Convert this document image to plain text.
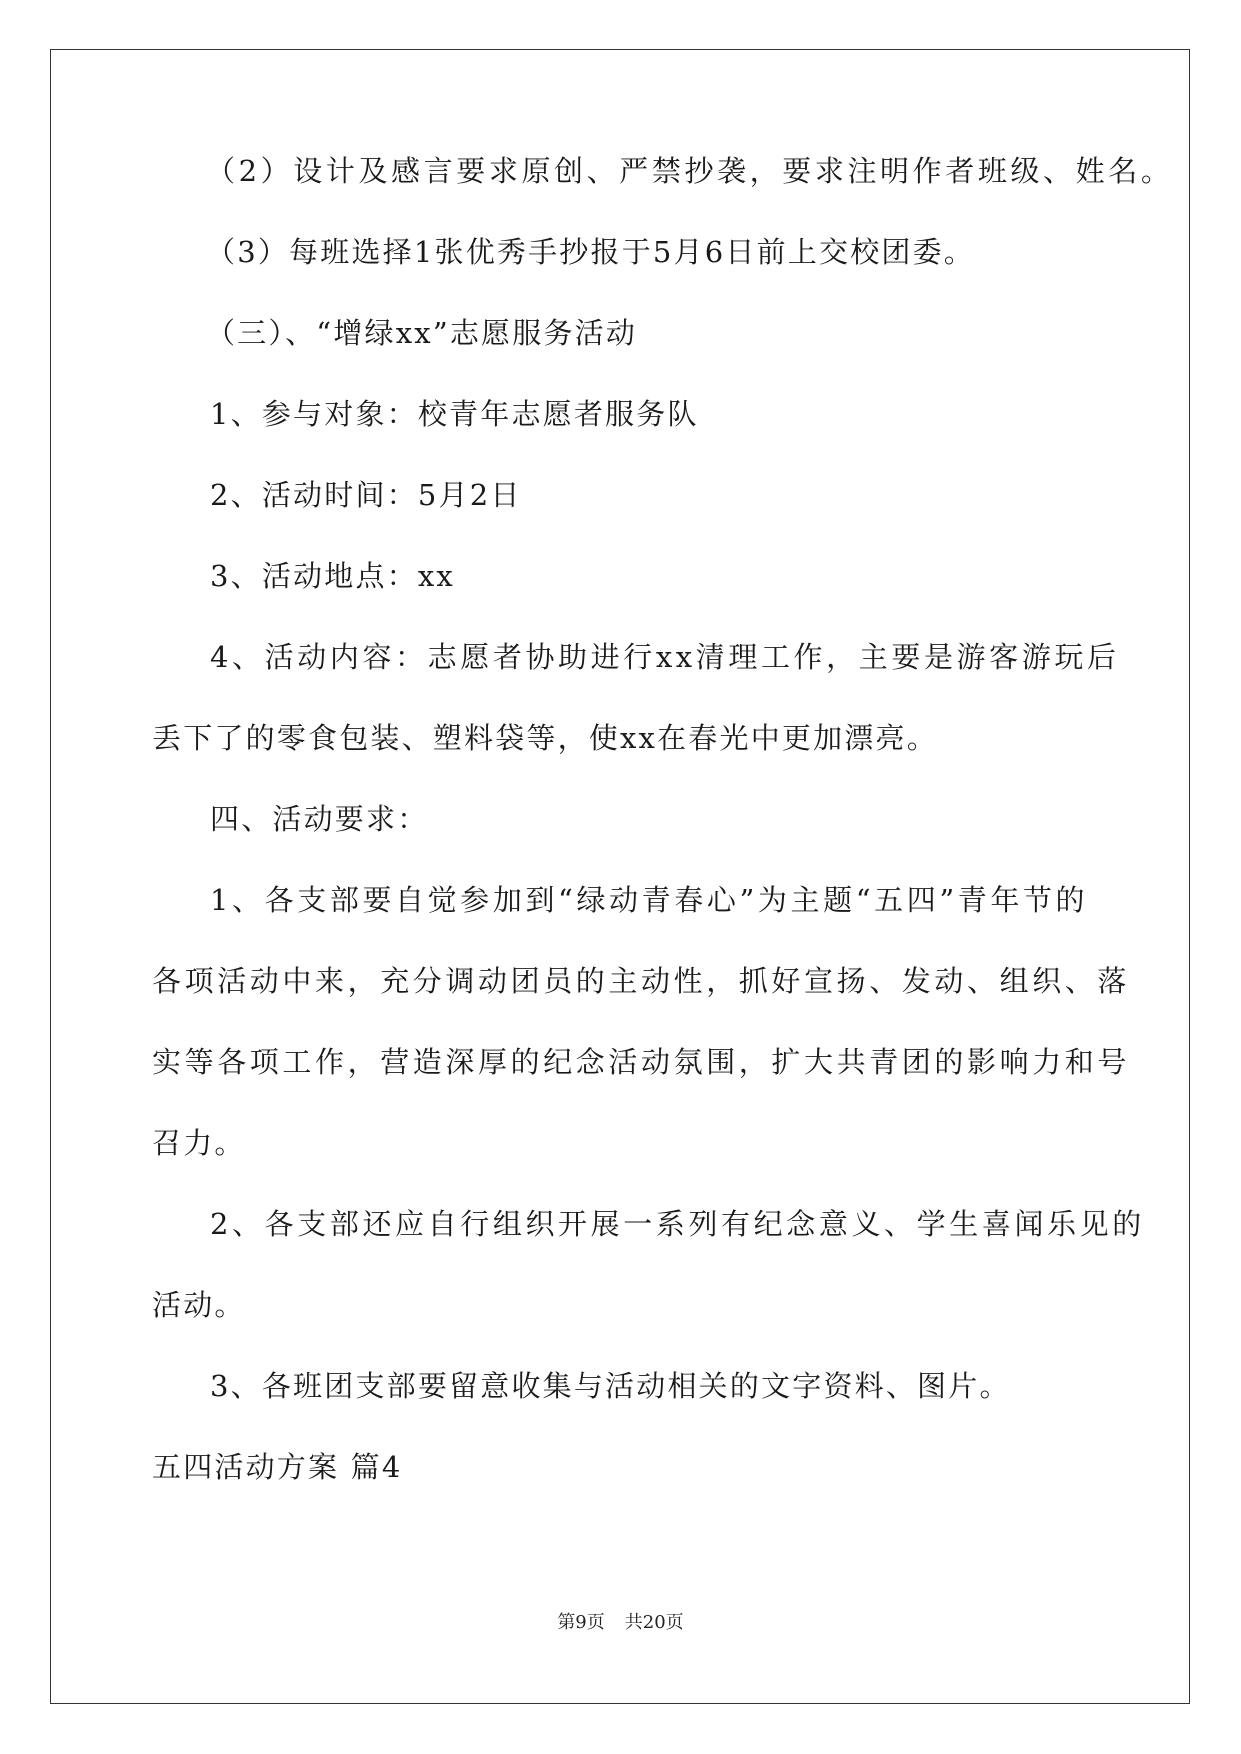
（2）设计及感言要求原创、严禁抄袭，要求注明作者班级、姓名。
（3）每班选择1张优秀手抄报于5月6日前上交校团委。
（三）、“增绿xx”志愿服务活动
1、参与对象：校青年志愿者服务队
2、活动时间：5月2日
3、活动地点：xx
4、活动内容：志愿者协助进行xx清理工作，主要是游客游玩后
丢下了的零食包装、塑料袋等，使xx在春光中更加漂亮。
四、活动要求：
1、各支部要自觉参加到“绿动青春心”为主题“五四”青年节的
各项活动中来，充分调动团员的主动性，抓好宣扬、发动、组织、落
实等各项工作，营造深厚的纪念活动氛围，扩大共青团的影响力和号
召力。
2、各支部还应自行组织开展一系列有纪念意义、学生喜闻乐见的
活动。
3、各班团支部要留意收集与活动相关的文字资料、图片。
五四活动方案 篇4
第9页 共20页
